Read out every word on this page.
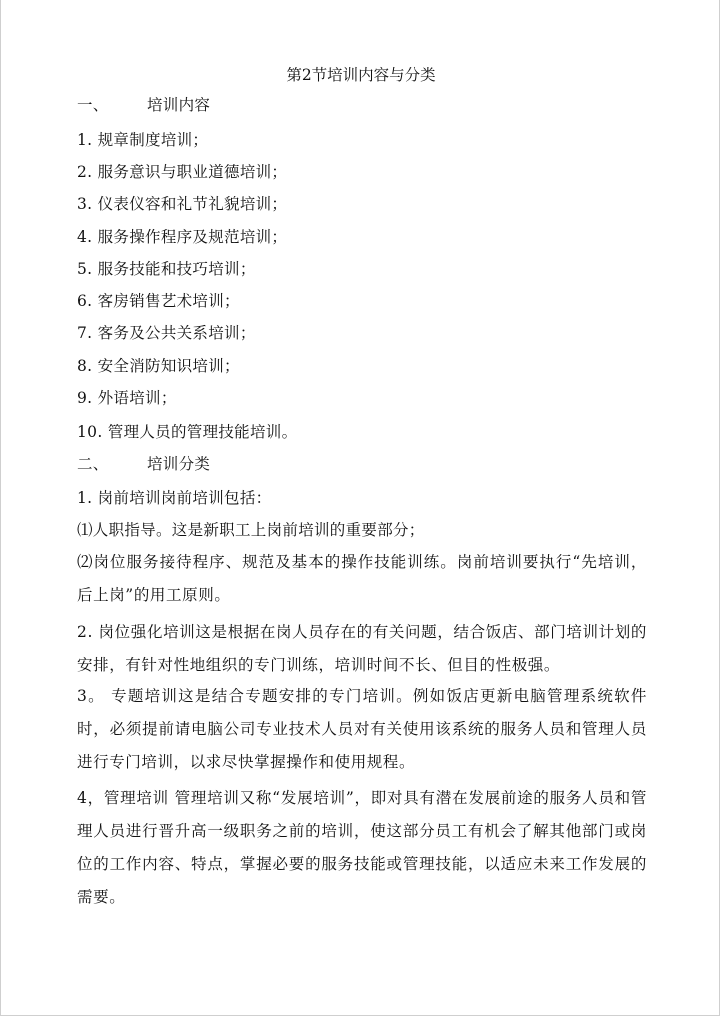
第2节培训内容与分类
一、 培训内容
1. 规章制度培训；
2. 服务意识与职业道德培训；
3. 仪表仪容和礼节礼貌培训；
4. 服务操作程序及规范培训；
5. 服务技能和技巧培训；
6. 客房销售艺术培训；
7. 客务及公共关系培训；
8. 安全消防知识培训；
9. 外语培训；
10. 管理人员的管理技能培训。
二、 培训分类
1. 岗前培训岗前培训包括：
⑴人职指导。这是新职工上岗前培训的重要部分；
⑵岗位服务接待程序、规范及基本的操作技能训练。岗前培训要执行“先培训，后上岗”的用工原则。
2. 岗位强化培训这是根据在岗人员存在的有关问题，结合饭店、部门培训计划的安排，有针对性地组织的专门训练，培训时间不长、但目的性极强。
3。 专题培训这是结合专题安排的专门培训。例如饭店更新电脑管理系统软件时，必须提前请电脑公司专业技术人员对有关使用该系统的服务人员和管理人员进行专门培训，以求尽快掌握操作和使用规程。
4，管理培训 管理培训又称“发展培训”，即对具有潜在发展前途的服务人员和管理人员进行晋升高一级职务之前的培训，使这部分员工有机会了解其他部门或岗位的工作内容、特点，掌握必要的服务技能或管理技能，以适应未来工作发展的需要。
